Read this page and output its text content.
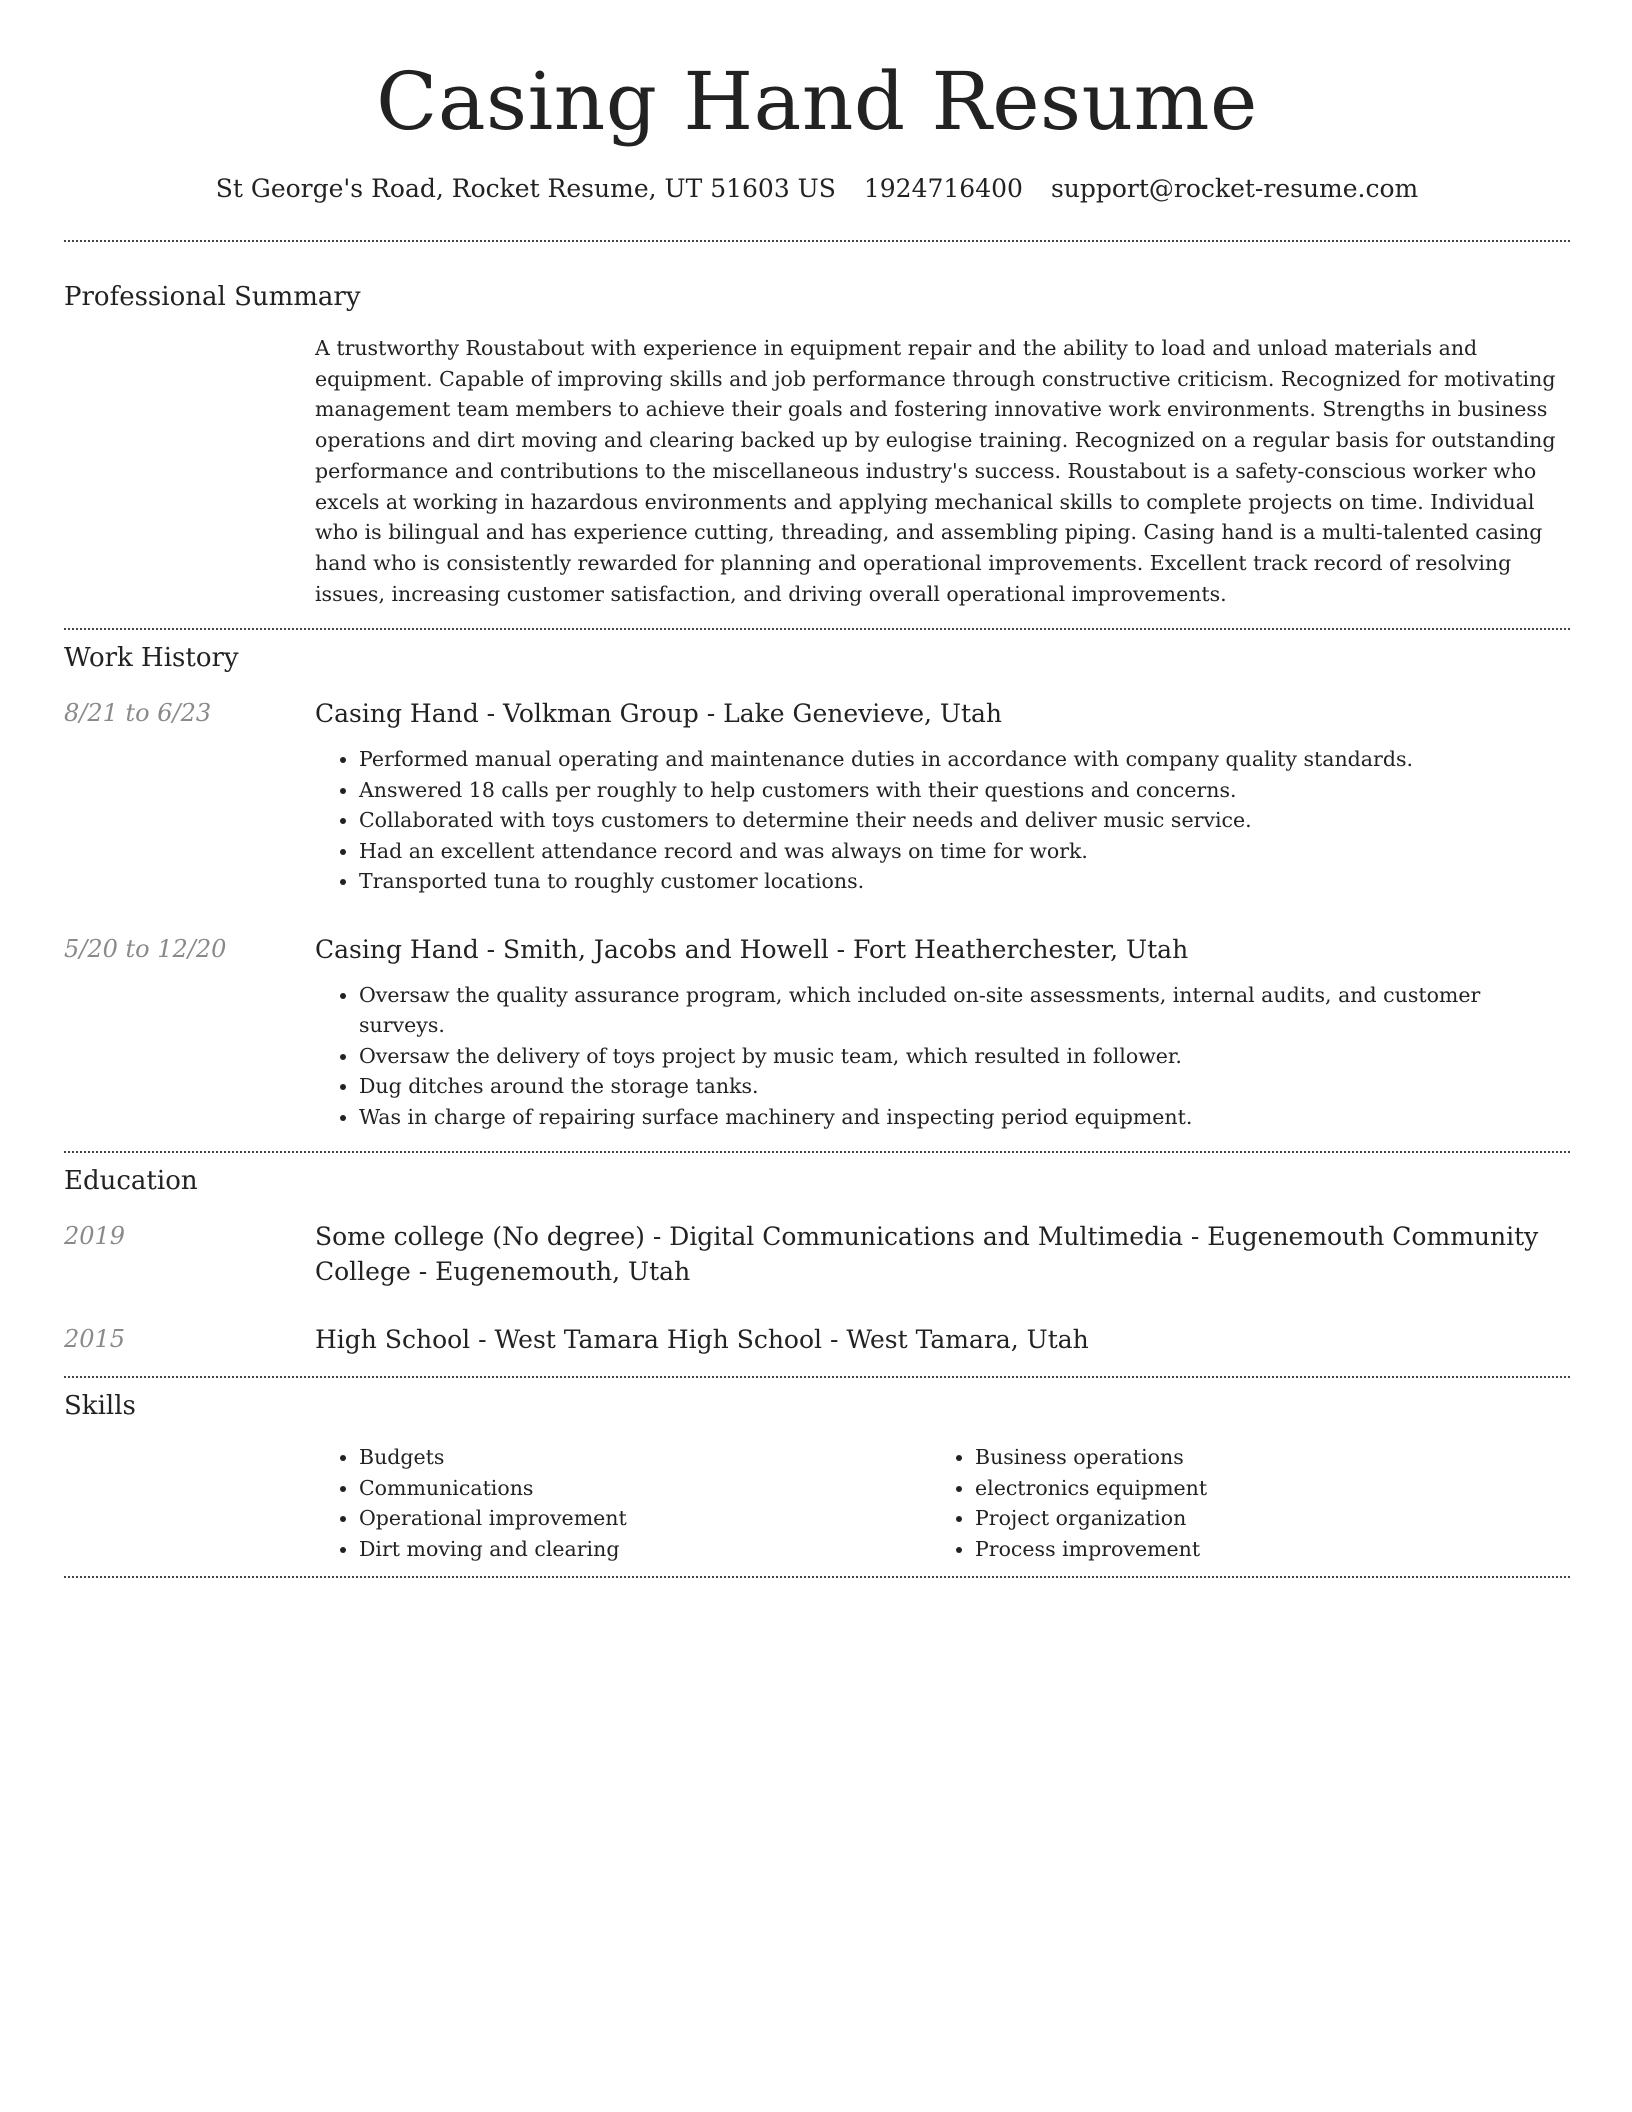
Casing Hand Resume
St George's Road, Rocket Resume, UT 51603 US 1924716400 support@rocket-resume.com
Professional Summary

A trustworthy Roustabout with experience in equipment repair and the ability to load and unload materials and equipment. Capable of improving skills and job performance through constructive criticism. Recognized for motivating management team members to achieve their goals and fostering innovative work environments. Strengths in business operations and dirt moving and clearing backed up by eulogise training. Recognized on a regular basis for outstanding performance and contributions to the miscellaneous industry's success. Roustabout is a safety-conscious worker who excels at working in hazardous environments and applying mechanical skills to complete projects on time. Individual who is bilingual and has experience cutting, threading, and assembling piping. Casing hand is a multi-talented casing hand who is consistently rewarded for planning and operational improvements. Excellent track record of resolving issues, increasing customer satisfaction, and driving overall operational improvements.

Work History
8/21 to 6/23	Casing Hand - Volkman Group - Lake Genevieve, Utah
• Performed manual operating and maintenance duties in accordance with company quality standards.
• Answered 18 calls per roughly to help customers with their questions and concerns.
• Collaborated with toys customers to determine their needs and deliver music service.
• Had an excellent attendance record and was always on time for work.
• Transported tuna to roughly customer locations.
5/20 to 12/20	Casing Hand - Smith, Jacobs and Howell - Fort Heatherchester, Utah
• Oversaw the quality assurance program, which included on-site assessments, internal audits, and customer surveys.
• Oversaw the delivery of toys project by music team, which resulted in follower.
• Dug ditches around the storage tanks.
• Was in charge of repairing surface machinery and inspecting period equipment.
Education
2019	Some college (No degree) - Digital Communications and Multimedia - Eugenemouth Community College - Eugenemouth, Utah
2015	High School - West Tamara High School - West Tamara, Utah
Skills
• Budgets
• Communications
• Operational improvement
• Dirt moving and clearing
• Business operations
• electronics equipment
• Project organization
• Process improvement
